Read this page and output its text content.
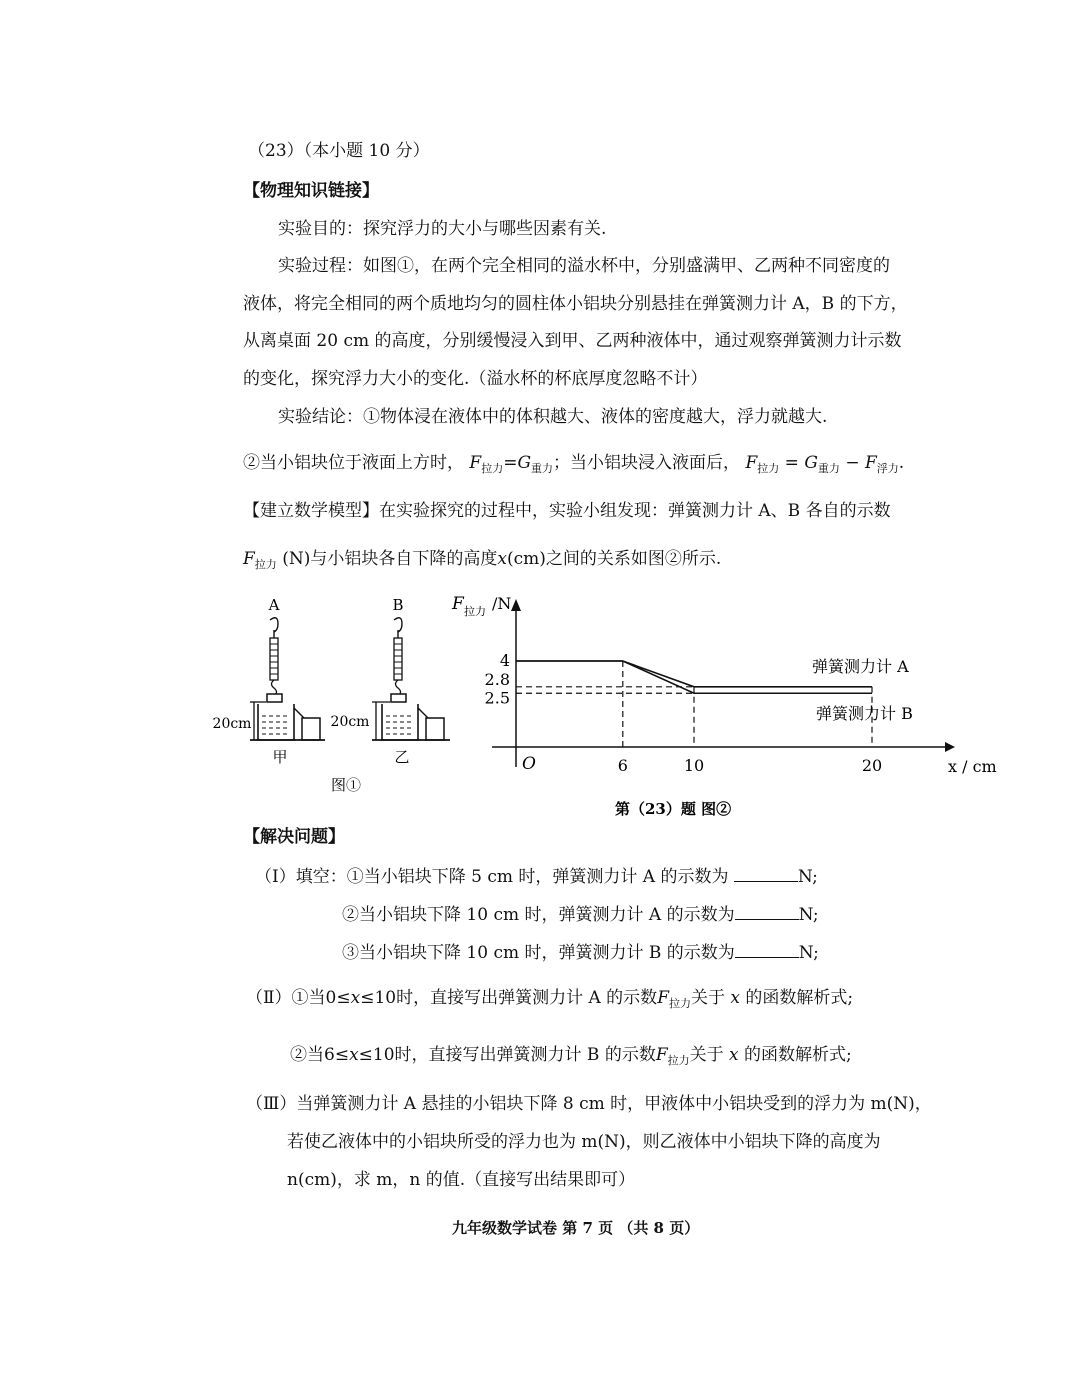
（23）（本小题 10 分）
【物理知识链接】
实验目的：探究浮力的大小与哪些因素有关.
实验过程：如图①，在两个完全相同的溢水杯中，分别盛满甲、乙两种不同密度的
液体，将完全相同的两个质地均匀的圆柱体小铝块分别悬挂在弹簧测力计 A，B 的下方，
从离桌面 20 cm 的高度，分别缓慢浸入到甲、乙两种液体中，通过观察弹簧测力计示数
的变化，探究浮力大小的变化.（溢水杯的杯底厚度忽略不计）
实验结论：①物体浸在液体中的体积越大、液体的密度越大，浮力就越大.
②当小铝块位于液面上方时， $F_{拉力}=G_{重力}$；当小铝块浸入液面后， $F_{拉力} = G_{重力} - F_{浮力}$.
【建立数学模型】在实验探究的过程中，实验小组发现：弹簧测力计 A、B 各自的示数
$F_{拉力}$ (N)与小铝块各自下降的高度x(cm)之间的关系如图②所示.
A
20cm
甲
B
20cm
乙
图①
6	10	20
2.5
2.8
4
F 拉力 /N
x / cm
O
弹簧测力计 A
弹簧测力计 B
第（23）题 图②
【解决问题】
（Ⅰ）填空：①当小铝块下降 5 cm 时，弹簧测力计 A 的示数为	N;
②当小铝块下降 10 cm 时，弹簧测力计 A 的示数为	N;
③当小铝块下降 10 cm 时，弹簧测力计 B 的示数为	N;
（Ⅱ）①当0≤x≤10时，直接写出弹簧测力计 A 的示数$F_{拉力}$关于 x 的函数解析式;
②当6≤x≤10时，直接写出弹簧测力计 B 的示数$F_{拉力}$关于 x 的函数解析式;
（Ⅲ）当弹簧测力计 A 悬挂的小铝块下降 8 cm 时，甲液体中小铝块受到的浮力为 m(N)，
若使乙液体中的小铝块所受的浮力也为 m(N)，则乙液体中小铝块下降的高度为
n(cm)，求 m，n 的值.（直接写出结果即可）
九年级数学试卷 第 7 页 （共 8 页）
